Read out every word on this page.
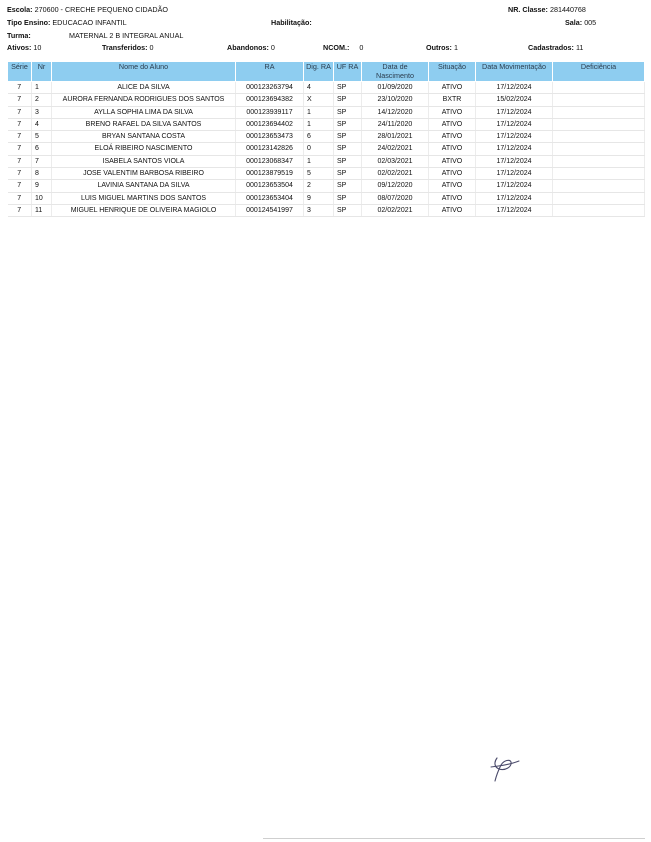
Escola: 270600 - CRECHE PEQUENO CIDADÃO	NR. Classe: 281440768
Tipo Ensino: EDUCACAO INFANTIL	Habilitação:	Sala: 005
Turma:	MATERNAL 2 B INTEGRAL ANUAL
Ativos: 10	Transferidos: 0	Abandonos: 0	NCOM.: 0	Outros: 1	Cadastrados: 11
Série	Nr	Nome do Aluno	RA	Dig. RA	UF RA	Data de Nascimento	Situação	Data Movimentação	Deficiência
7	1	ALICE DA SILVA	000123263794	4	SP	01/09/2020	ATIVO	17/12/2024	
7	2	AURORA FERNANDA RODRIGUES DOS SANTOS	000123694382	X	SP	23/10/2020	BXTR	15/02/2024	
7	3	AYLLA SOPHIA LIMA DA SILVA	000123939117	1	SP	14/12/2020	ATIVO	17/12/2024	
7	4	BRENO RAFAEL DA SILVA SANTOS	000123694402	1	SP	24/11/2020	ATIVO	17/12/2024	
7	5	BRYAN SANTANA COSTA	000123653473	6	SP	28/01/2021	ATIVO	17/12/2024	
7	6	ELOÁ RIBEIRO NASCIMENTO	000123142826	0	SP	24/02/2021	ATIVO	17/12/2024	
7	7	ISABELA SANTOS VIOLA	000123068347	1	SP	02/03/2021	ATIVO	17/12/2024	
7	8	JOSE VALENTIM BARBOSA RIBEIRO	000123879519	5	SP	02/02/2021	ATIVO	17/12/2024	
7	9	LAVINIA SANTANA DA SILVA	000123653504	2	SP	09/12/2020	ATIVO	17/12/2024	
7	10	LUIS MIGUEL MARTINS DOS SANTOS	000123653404	9	SP	08/07/2020	ATIVO	17/12/2024	
7	11	MIGUEL HENRIQUE DE OLIVEIRA MAGIOLO	000124541997	3	SP	02/02/2021	ATIVO	17/12/2024	
